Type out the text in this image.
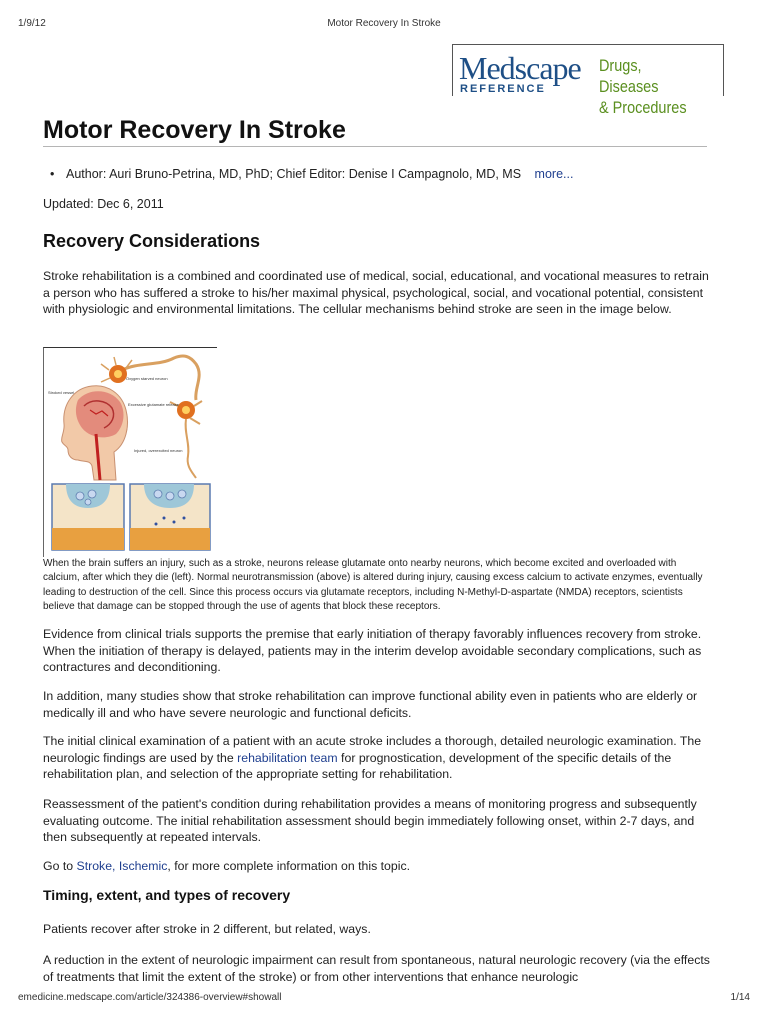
1/9/12	Motor Recovery In Stroke
Medscape
REFERENCE
Drugs, Diseases
& Procedures
Motor Recovery In Stroke
• Author: Auri Bruno-Petrina, MD, PhD; Chief Editor: Denise I Campagnolo, MD, MS more...
Updated: Dec 6, 2011
Recovery Considerations

Stroke rehabilitation is a combined and coordinated use of medical, social, educational, and vocational measures to retrain a person who has suffered a stroke to his/her maximal physical, psychological, social, and vocational potential, consistent with physiologic and environmental limitations. The cellular mechanisms behind stroke are seen in the image below.

Stroked vessel
Oxygen starved neuron
Excessive glutamate release
Injured, overexcited neuron

When the brain suffers an injury, such as a stroke, neurons release glutamate onto nearby neurons, which become excited and overloaded with calcium, after which they die (left). Normal neurotransmission (above) is altered during injury, causing excess calcium to activate enzymes, eventually leading to destruction of the cell. Since this process occurs via glutamate receptors, including N-Methyl-D-aspartate (NMDA) receptors, scientists believe that damage can be stopped through the use of agents that block these receptors.

Evidence from clinical trials supports the premise that early initiation of therapy favorably influences recovery from stroke. When the initiation of therapy is delayed, patients may in the interim develop avoidable secondary complications, such as contractures and deconditioning.

In addition, many studies show that stroke rehabilitation can improve functional ability even in patients who are elderly or medically ill and who have severe neurologic and functional deficits.

The initial clinical examination of a patient with an acute stroke includes a thorough, detailed neurologic examination. The neurologic findings are used by the rehabilitation team for prognostication, development of the specific details of the rehabilitation plan, and selection of the appropriate setting for rehabilitation.

Reassessment of the patient's condition during rehabilitation provides a means of monitoring progress and subsequently evaluating outcome. The initial rehabilitation assessment should begin immediately following onset, within 2-7 days, and then subsequently at repeated intervals.

Go to Stroke, Ischemic, for more complete information on this topic.

Timing, extent, and types of recovery

Patients recover after stroke in 2 different, but related, ways.

A reduction in the extent of neurologic impairment can result from spontaneous, natural neurologic recovery (via the effects of treatments that limit the extent of the stroke) or from other interventions that enhance neurologic

emedicine.medscape.com/article/324386-overview#showall	1/14
